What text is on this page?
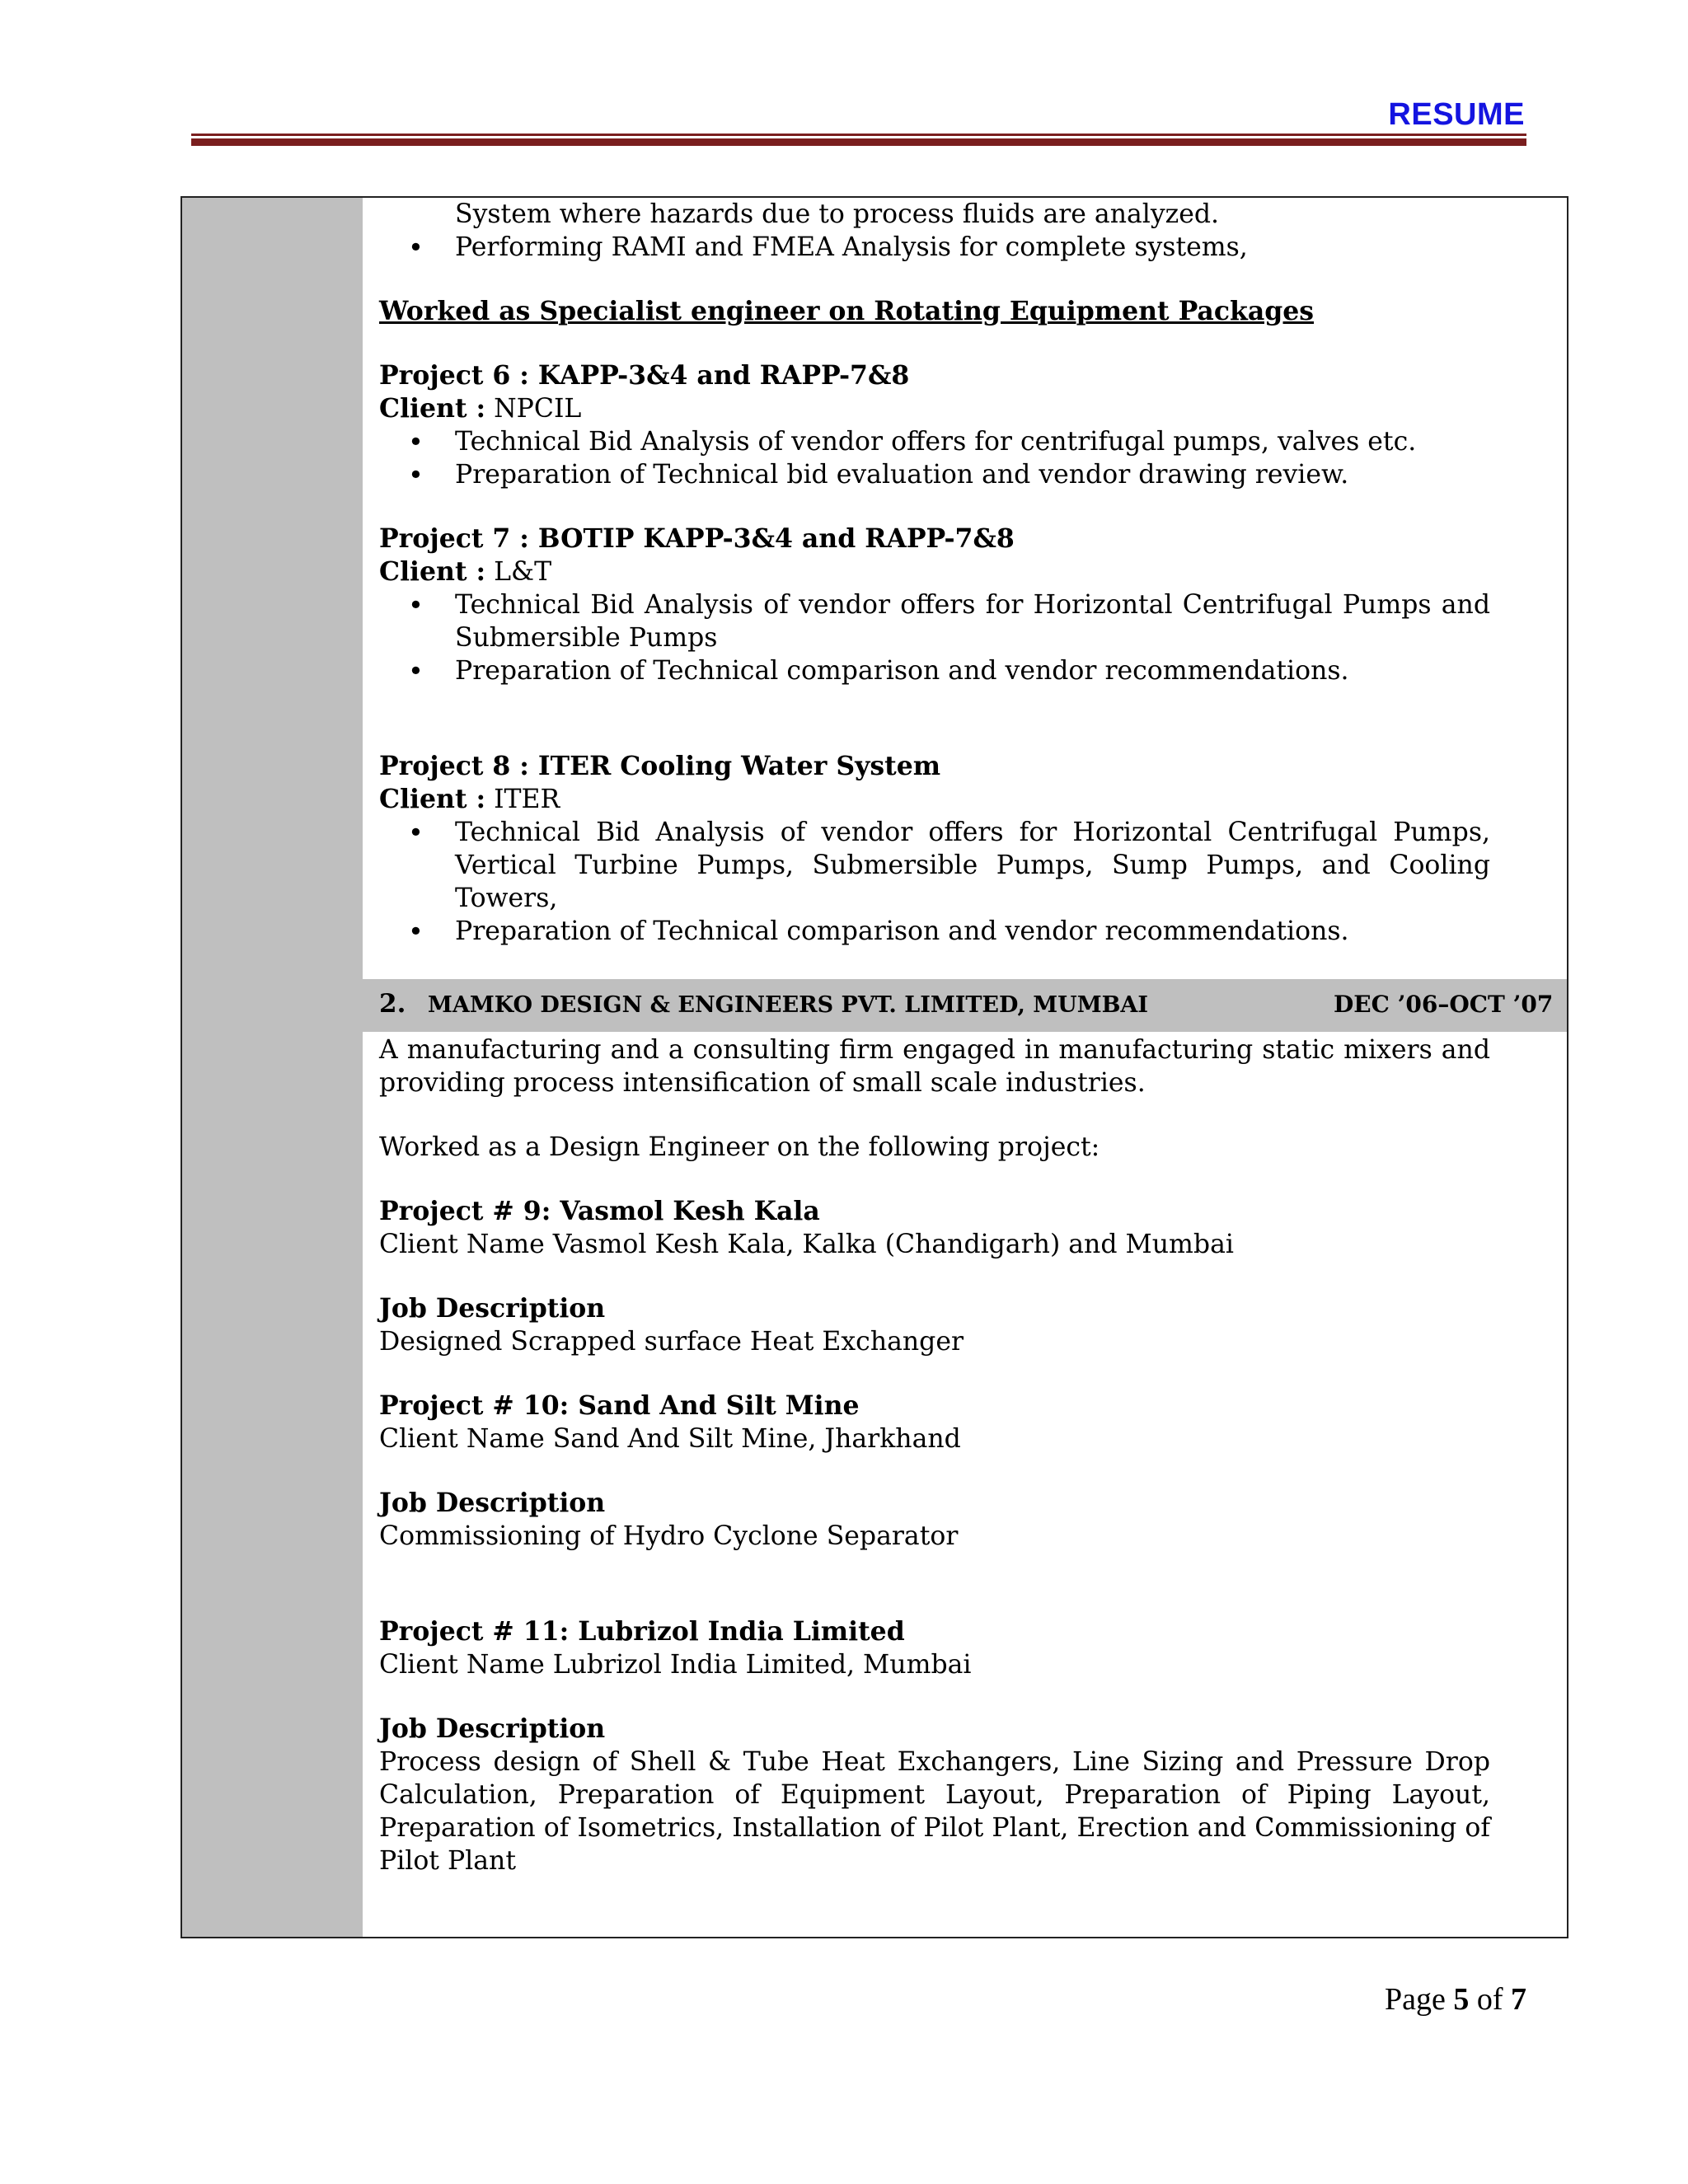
RESUME
System where hazards due to process fluids are analyzed.
• Performing RAMI and FMEA Analysis for complete systems,

Worked as Specialist engineer on Rotating Equipment Packages

Project 6 : KAPP-3&4 and RAPP-7&8

Client : NPCIL

• Technical Bid Analysis of vendor offers for centrifugal pumps, valves etc.
• Preparation of Technical bid evaluation and vendor drawing review.

Project 7 : BOTIP KAPP-3&4 and RAPP-7&8

Client : L&T

• Technical Bid Analysis of vendor offers for Horizontal Centrifugal Pumps and Submersible Pumps
• Preparation of Technical comparison and vendor recommendations.

Project 8 : ITER Cooling Water System

Client : ITER

• Technical Bid Analysis of vendor offers for Horizontal Centrifugal Pumps, Vertical Turbine Pumps, Submersible Pumps, Sump Pumps, and Cooling Towers,
• Preparation of Technical comparison and vendor recommendations.
2. MAMKO DESIGN & ENGINEERS PVT. LIMITED, MUMBAI	DEC ’06–OCT ’07

A manufacturing and a consulting firm engaged in manufacturing static mixers and providing process intensification of small scale industries.

Worked as a Design Engineer on the following project:

Project # 9: Vasmol Kesh Kala

Client Name Vasmol Kesh Kala, Kalka (Chandigarh) and Mumbai

Job Description

Designed Scrapped surface Heat Exchanger

Project # 10: Sand And Silt Mine

Client Name Sand And Silt Mine, Jharkhand

Job Description

Commissioning of Hydro Cyclone Separator

Project # 11: Lubrizol India Limited

Client Name Lubrizol India Limited, Mumbai

Job Description

Process design of Shell & Tube Heat Exchangers, Line Sizing and Pressure Drop Calculation, Preparation of Equipment Layout, Preparation of Piping Layout, Preparation of Isometrics, Installation of Pilot Plant, Erection and Commissioning of Pilot Plant

Page 5 of 7
